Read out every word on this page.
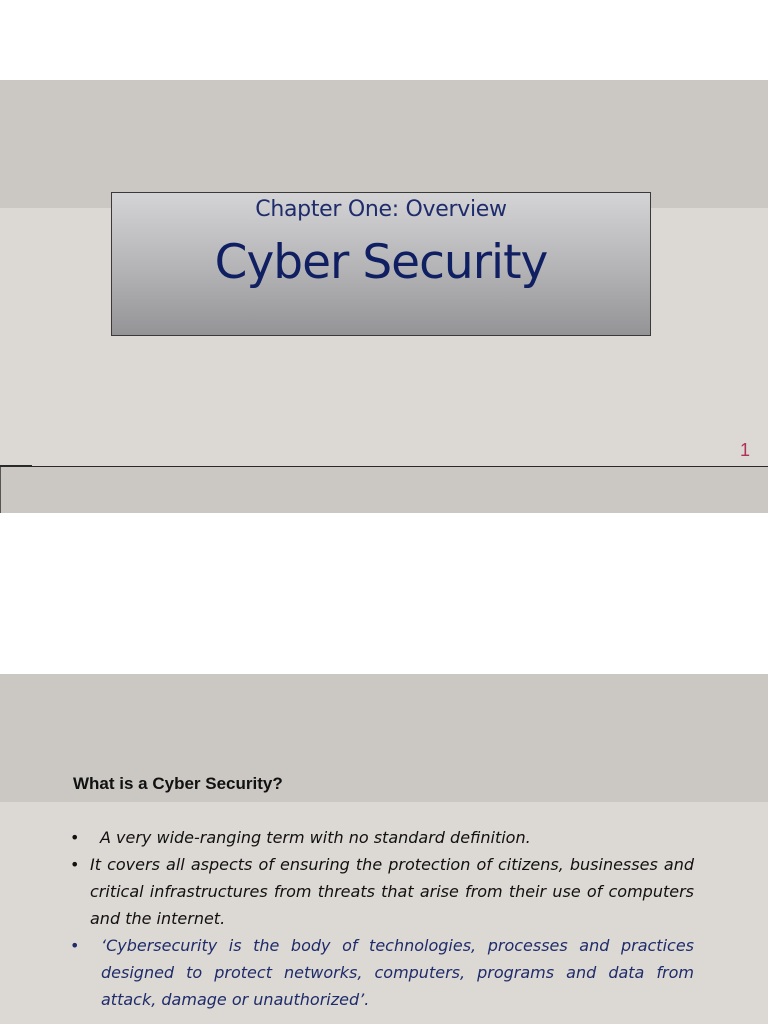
Chapter One: Overview
Cyber Security
1
What is a Cyber Security?
• A very wide-ranging term with no standard definition.
• It covers all aspects of ensuring the protection of citizens, businesses and critical infrastructures from threats that arise from their use of computers and the internet.
• ‘Cybersecurity is the body of technologies, processes and practices designed to protect networks, computers, programs and data from attack, damage or unauthorized’.
